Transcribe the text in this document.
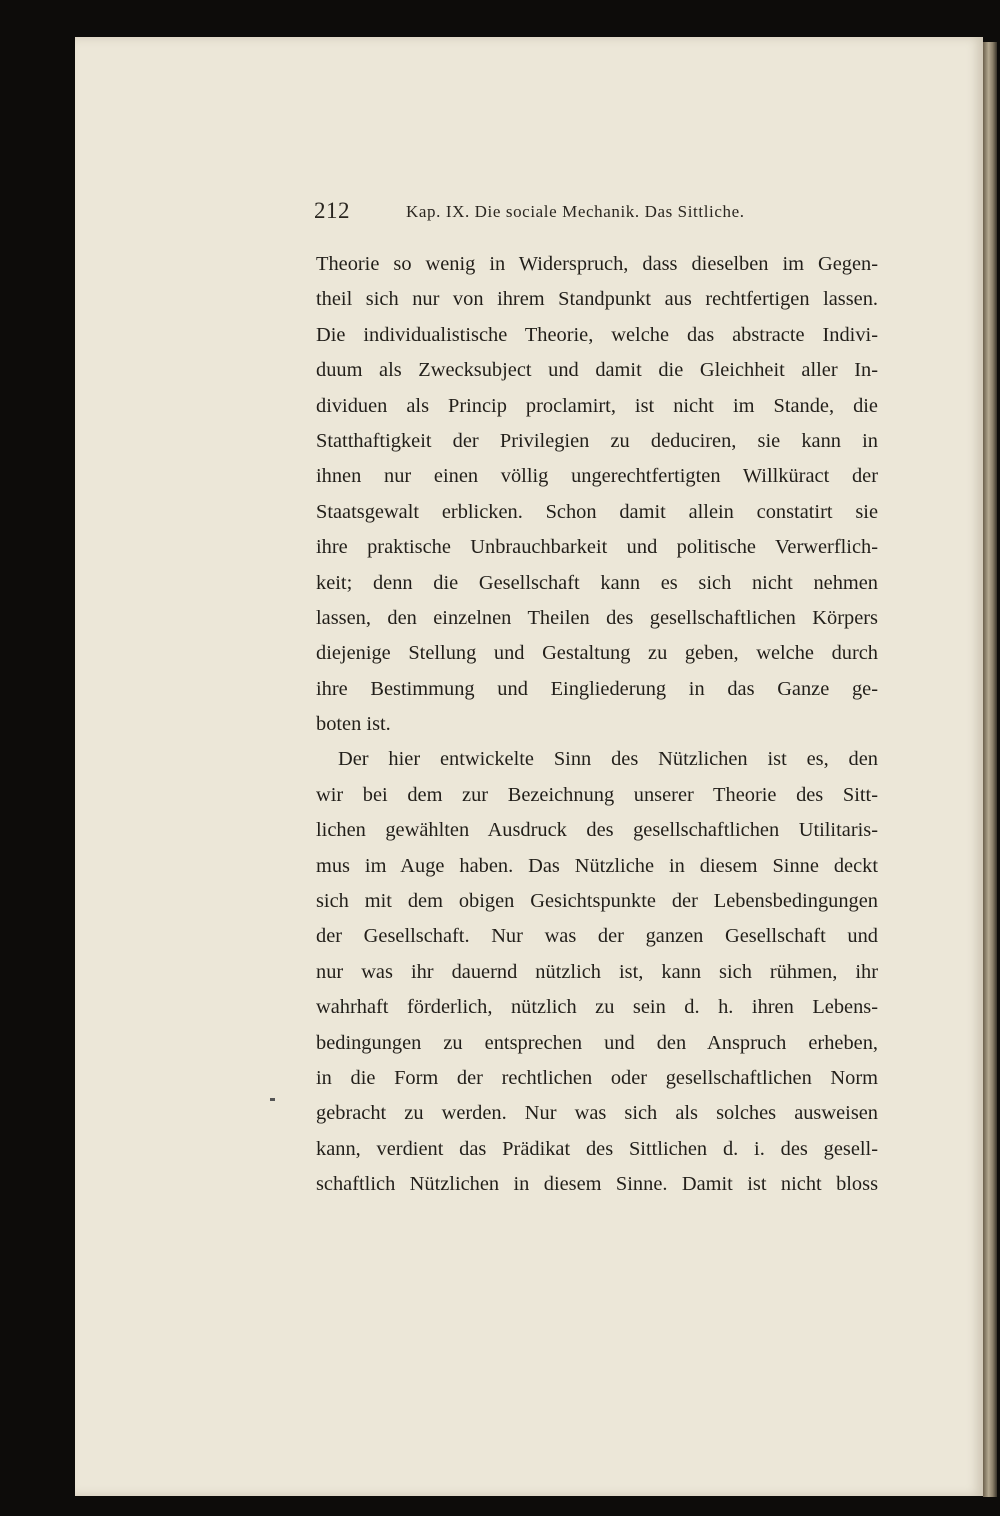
212	Kap. IX. Die sociale Mechanik. Das Sittliche.
Theorie so wenig in Widerspruch, dass dieselben im Gegen-
theil sich nur von ihrem Standpunkt aus rechtfertigen lassen.
Die individualistische Theorie, welche das abstracte Indivi-
duum als Zwecksubject und damit die Gleichheit aller In-
dividuen als Princip proclamirt, ist nicht im Stande, die
Statthaftigkeit der Privilegien zu deduciren, sie kann in
ihnen nur einen völlig ungerechtfertigten Willküract der
Staatsgewalt erblicken. Schon damit allein constatirt sie
ihre praktische Unbrauchbarkeit und politische Verwerflich-
keit; denn die Gesellschaft kann es sich nicht nehmen
lassen, den einzelnen Theilen des gesellschaftlichen Körpers
diejenige Stellung und Gestaltung zu geben, welche durch
ihre Bestimmung und Eingliederung in das Ganze ge-
boten ist.
Der hier entwickelte Sinn des Nützlichen ist es, den
wir bei dem zur Bezeichnung unserer Theorie des Sitt-
lichen gewählten Ausdruck des gesellschaftlichen Utilitaris-
mus im Auge haben. Das Nützliche in diesem Sinne deckt
sich mit dem obigen Gesichtspunkte der Lebensbedingungen
der Gesellschaft. Nur was der ganzen Gesellschaft und
nur was ihr dauernd nützlich ist, kann sich rühmen, ihr
wahrhaft förderlich, nützlich zu sein d. h. ihren Lebens-
bedingungen zu entsprechen und den Anspruch erheben,
in die Form der rechtlichen oder gesellschaftlichen Norm
gebracht zu werden. Nur was sich als solches ausweisen
kann, verdient das Prädikat des Sittlichen d. i. des gesell-
schaftlich Nützlichen in diesem Sinne. Damit ist nicht bloss
